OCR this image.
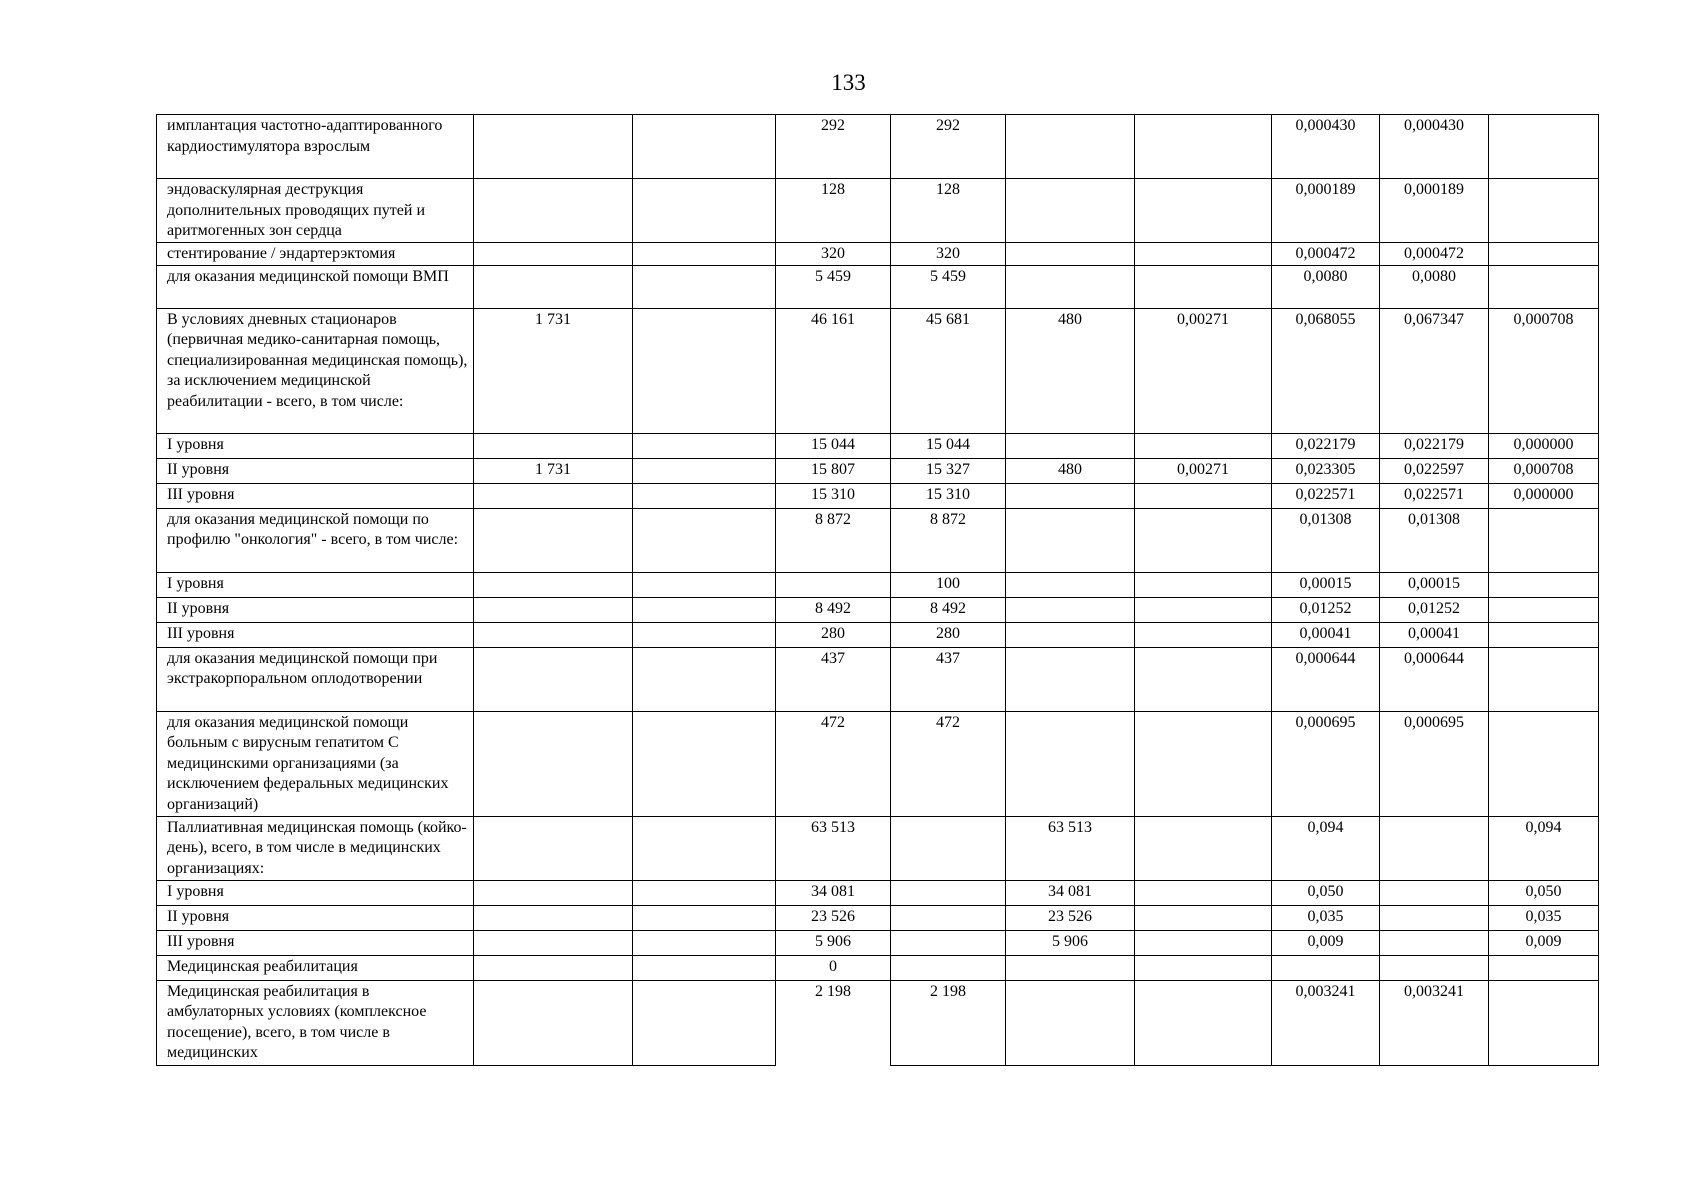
133
имплантация частотно-адаптированного кардиостимулятора взрослым			292	292			0,000430	0,000430	
эндоваскулярная деструкция дополнительных проводящих путей и аритмогенных зон сердца			128	128			0,000189	0,000189	
стентирование / эндартерэктомия			320	320			0,000472	0,000472	
для оказания медицинской помощи ВМП			5 459	5 459			0,0080	0,0080	
В условиях дневных стационаров (первичная медико-санитарная помощь, специализированная медицинская помощь), за исключением медицинской реабилитации - всего, в том числе:	1 731		46 161	45 681	480	0,00271	0,068055	0,067347	0,000708
I уровня			15 044	15 044			0,022179	0,022179	0,000000
II уровня	1 731		15 807	15 327	480	0,00271	0,023305	0,022597	0,000708
III уровня			15 310	15 310			0,022571	0,022571	0,000000
для оказания медицинской помощи по профилю "онкология" - всего, в том числе:			8 872	8 872			0,01308	0,01308	
I уровня				100			0,00015	0,00015	
II уровня			8 492	8 492			0,01252	0,01252	
III уровня			280	280			0,00041	0,00041	
для оказания медицинской помощи при экстракорпоральном оплодотворении			437	437			0,000644	0,000644	
для оказания медицинской помощи больным с вирусным гепатитом С медицинскими организациями (за исключением федеральных медицинских организаций)			472	472			0,000695	0,000695	
Паллиативная медицинская помощь (койко-день), всего, в том числе в медицинских организациях:			63 513		63 513		0,094		0,094
I уровня			34 081		34 081		0,050		0,050
II уровня			23 526		23 526		0,035		0,035
III уровня			5 906		5 906		0,009		0,009
Медицинская реабилитация			0						
Медицинская реабилитация в амбулаторных условиях (комплексное посещение), всего, в том числе в медицинских			2 198	2 198			0,003241	0,003241	
